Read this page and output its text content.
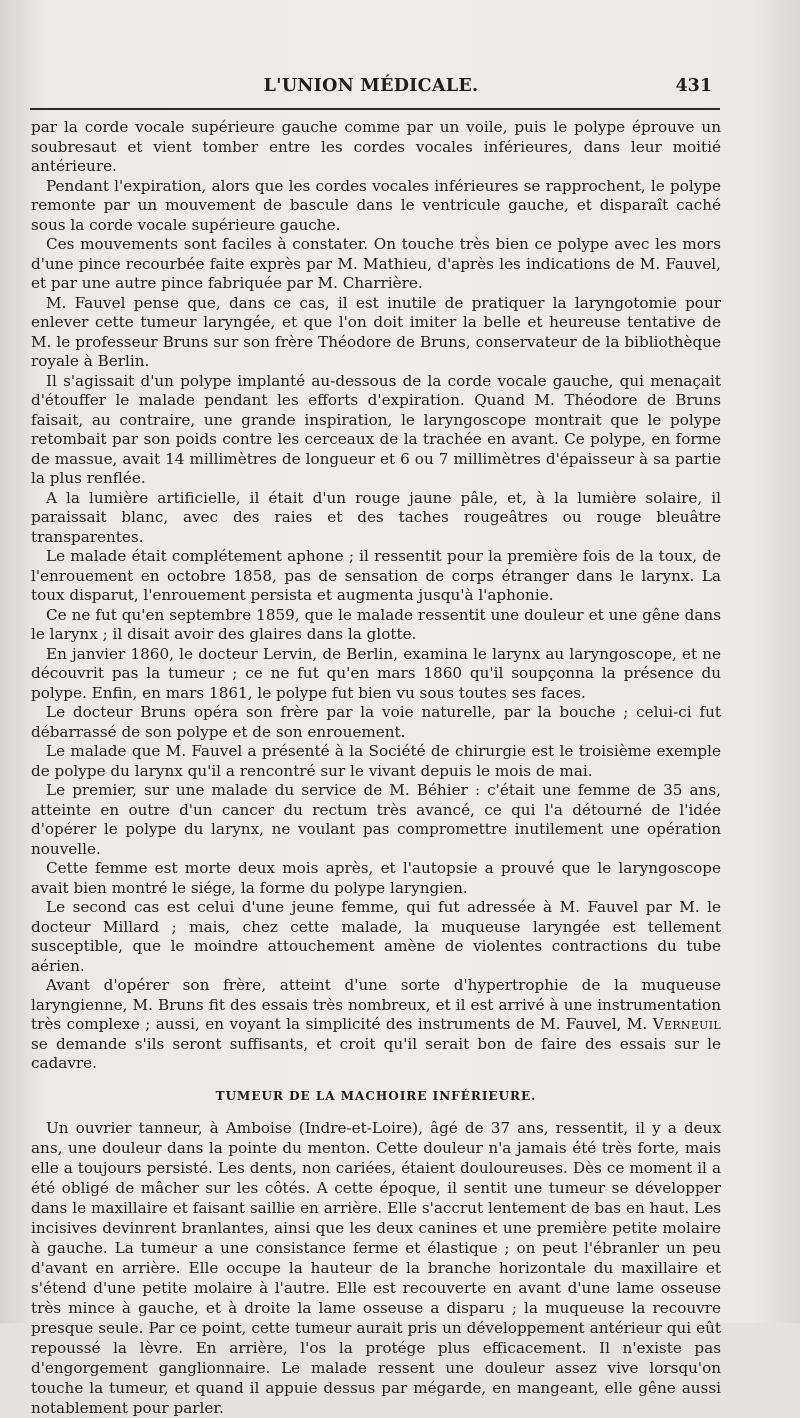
L'UNION MÉDICALE.	431

par la corde vocale supérieure gauche comme par un voile, puis le polype éprouve un soubresaut et vient tomber entre les cordes vocales inférieures, dans leur moitié antérieure.

Pendant l'expiration, alors que les cordes vocales inférieures se rapprochent, le polype remonte par un mouvement de bascule dans le ventricule gauche, et disparaît caché sous la corde vocale supérieure gauche.

Ces mouvements sont faciles à constater. On touche très bien ce polype avec les mors d'une pince recourbée faite exprès par M. Mathieu, d'après les indications de M. Fauvel, et par une autre pince fabriquée par M. Charrière.

M. Fauvel pense que, dans ce cas, il est inutile de pratiquer la laryngotomie pour enlever cette tumeur laryngée, et que l'on doit imiter la belle et heureuse tentative de M. le professeur Bruns sur son frère Théodore de Bruns, conservateur de la bibliothèque royale à Berlin.

Il s'agissait d'un polype implanté au-dessous de la corde vocale gauche, qui menaçait d'étouffer le malade pendant les efforts d'expiration. Quand M. Théodore de Bruns faisait, au contraire, une grande inspiration, le laryngoscope montrait que le polype retombait par son poids contre les cerceaux de la trachée en avant. Ce polype, en forme de massue, avait 14 millimètres de longueur et 6 ou 7 millimètres d'épaisseur à sa partie la plus renflée.

A la lumière artificielle, il était d'un rouge jaune pâle, et, à la lumière solaire, il paraissait blanc, avec des raies et des taches rougeâtres ou rouge bleuâtre transparentes.

Le malade était complétement aphone ; il ressentit pour la première fois de la toux, de l'enrouement en octobre 1858, pas de sensation de corps étranger dans le larynx. La toux disparut, l'enrouement persista et augmenta jusqu'à l'aphonie.

Ce ne fut qu'en septembre 1859, que le malade ressentit une douleur et une gêne dans le larynx ; il disait avoir des glaires dans la glotte.

En janvier 1860, le docteur Lervin, de Berlin, examina le larynx au laryngoscope, et ne découvrit pas la tumeur ; ce ne fut qu'en mars 1860 qu'il soupçonna la présence du polype. Enfin, en mars 1861, le polype fut bien vu sous toutes ses faces.

Le docteur Bruns opéra son frère par la voie naturelle, par la bouche ; celui-ci fut débarrassé de son polype et de son enrouement.

Le malade que M. Fauvel a présenté à la Société de chirurgie est le troisième exemple de polype du larynx qu'il a rencontré sur le vivant depuis le mois de mai.

Le premier, sur une malade du service de M. Béhier : c'était une femme de 35 ans, atteinte en outre d'un cancer du rectum très avancé, ce qui l'a détourné de l'idée d'opérer le polype du larynx, ne voulant pas compromettre inutilement une opération nouvelle.

Cette femme est morte deux mois après, et l'autopsie a prouvé que le laryngoscope avait bien montré le siége, la forme du polype laryngien.

Le second cas est celui d'une jeune femme, qui fut adressée à M. Fauvel par M. le docteur Millard ; mais, chez cette malade, la muqueuse laryngée est tellement susceptible, que le moindre attouchement amène de violentes contractions du tube aérien.

Avant d'opérer son frère, atteint d'une sorte d'hypertrophie de la muqueuse laryngienne, M. Bruns fit des essais très nombreux, et il est arrivé à une instrumentation très complexe ; aussi, en voyant la simplicité des instruments de M. Fauvel, M. Verneuil se demande s'ils seront suffisants, et croit qu'il serait bon de faire des essais sur le cadavre.

TUMEUR DE LA MACHOIRE INFÉRIEURE.

Un ouvrier tanneur, à Amboise (Indre-et-Loire), âgé de 37 ans, ressentit, il y a deux ans, une douleur dans la pointe du menton. Cette douleur n'a jamais été très forte, mais elle a toujours persisté. Les dents, non cariées, étaient douloureuses. Dès ce moment il a été obligé de mâcher sur les côtés. A cette époque, il sentit une tumeur se développer dans le maxillaire et faisant saillie en arrière. Elle s'accrut lentement de bas en haut. Les incisives devinrent branlantes, ainsi que les deux canines et une première petite molaire à gauche. La tumeur a une consistance ferme et élastique ; on peut l'ébranler un peu d'avant en arrière. Elle occupe la hauteur de la branche horizontale du maxillaire et s'étend d'une petite molaire à l'autre. Elle est recouverte en avant d'une lame osseuse très mince à gauche, et à droite la lame osseuse a disparu ; la muqueuse la recouvre presque seule. Par ce point, cette tumeur aurait pris un développement antérieur qui eût repoussé la lèvre. En arrière, l'os la protége plus efficacement. Il n'existe pas d'engorgement ganglionnaire. Le malade ressent une douleur assez vive lorsqu'on touche la tumeur, et quand il appuie dessus par mégarde, en mangeant, elle gêne aussi notablement pour parler.
